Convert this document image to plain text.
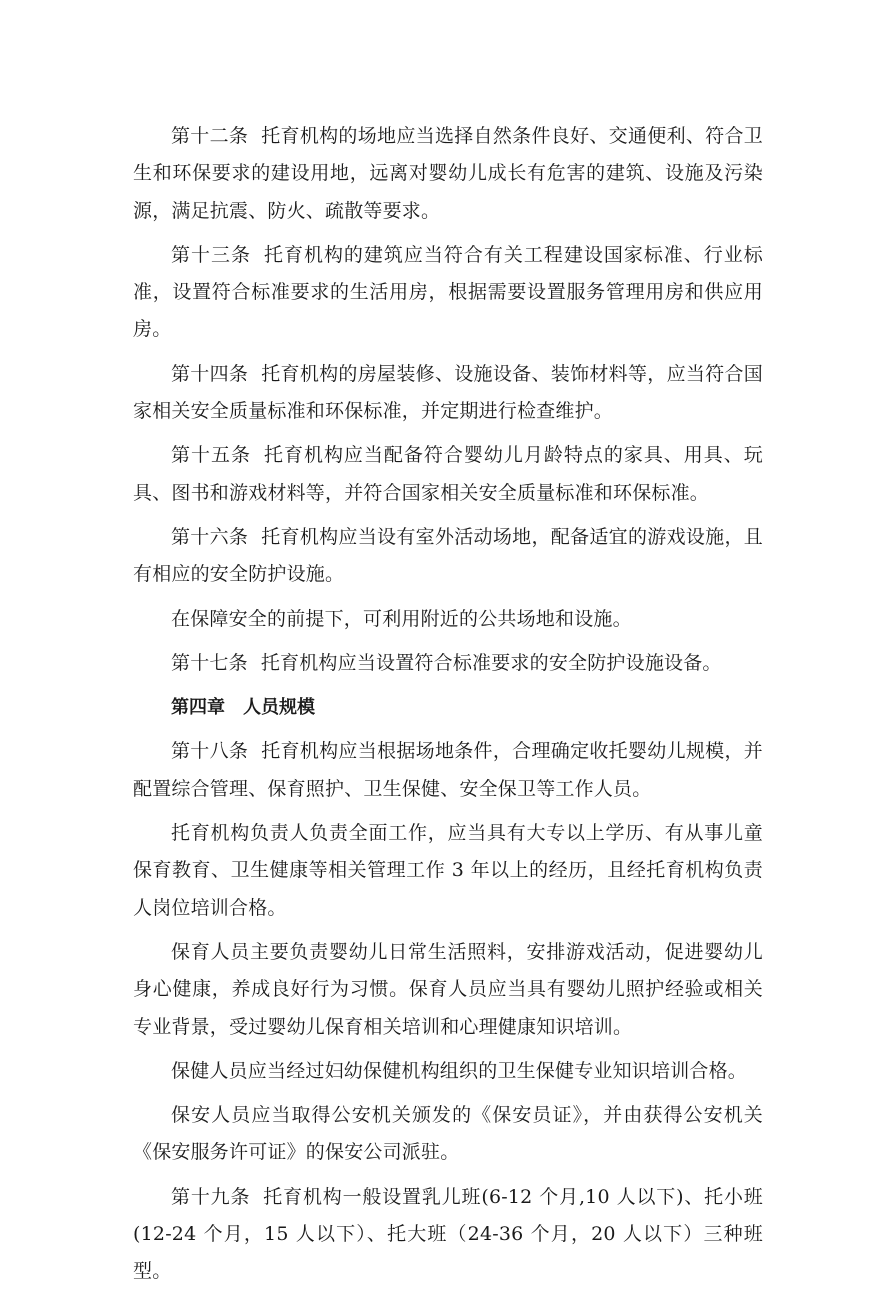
第十二条 托育机构的场地应当选择自然条件良好、交通便利、符合卫生和环保要求的建设用地，远离对婴幼儿成长有危害的建筑、设施及污染源，满足抗震、防火、疏散等要求。

第十三条 托育机构的建筑应当符合有关工程建设国家标准、行业标准，设置符合标准要求的生活用房，根据需要设置服务管理用房和供应用房。

第十四条 托育机构的房屋装修、设施设备、装饰材料等，应当符合国家相关安全质量标准和环保标准，并定期进行检查维护。

第十五条 托育机构应当配备符合婴幼儿月龄特点的家具、用具、玩具、图书和游戏材料等，并符合国家相关安全质量标准和环保标准。

第十六条 托育机构应当设有室外活动场地，配备适宜的游戏设施，且有相应的安全防护设施。

在保障安全的前提下，可利用附近的公共场地和设施。

第十七条 托育机构应当设置符合标准要求的安全防护设施设备。

第四章　人员规模

第十八条 托育机构应当根据场地条件，合理确定收托婴幼儿规模，并配置综合管理、保育照护、卫生保健、安全保卫等工作人员。

托育机构负责人负责全面工作，应当具有大专以上学历、有从事儿童保育教育、卫生健康等相关管理工作 3 年以上的经历，且经托育机构负责人岗位培训合格。

保育人员主要负责婴幼儿日常生活照料，安排游戏活动，促进婴幼儿身心健康，养成良好行为习惯。保育人员应当具有婴幼儿照护经验或相关专业背景，受过婴幼儿保育相关培训和心理健康知识培训。

保健人员应当经过妇幼保健机构组织的卫生保健专业知识培训合格。

保安人员应当取得公安机关颁发的《保安员证》，并由获得公安机关《保安服务许可证》的保安公司派驻。

第十九条 托育机构一般设置乳儿班(6-12 个月,10 人以下)、托小班(12-24 个月，15 人以下）、托大班（24-36 个月，20 人以下）三种班型。
